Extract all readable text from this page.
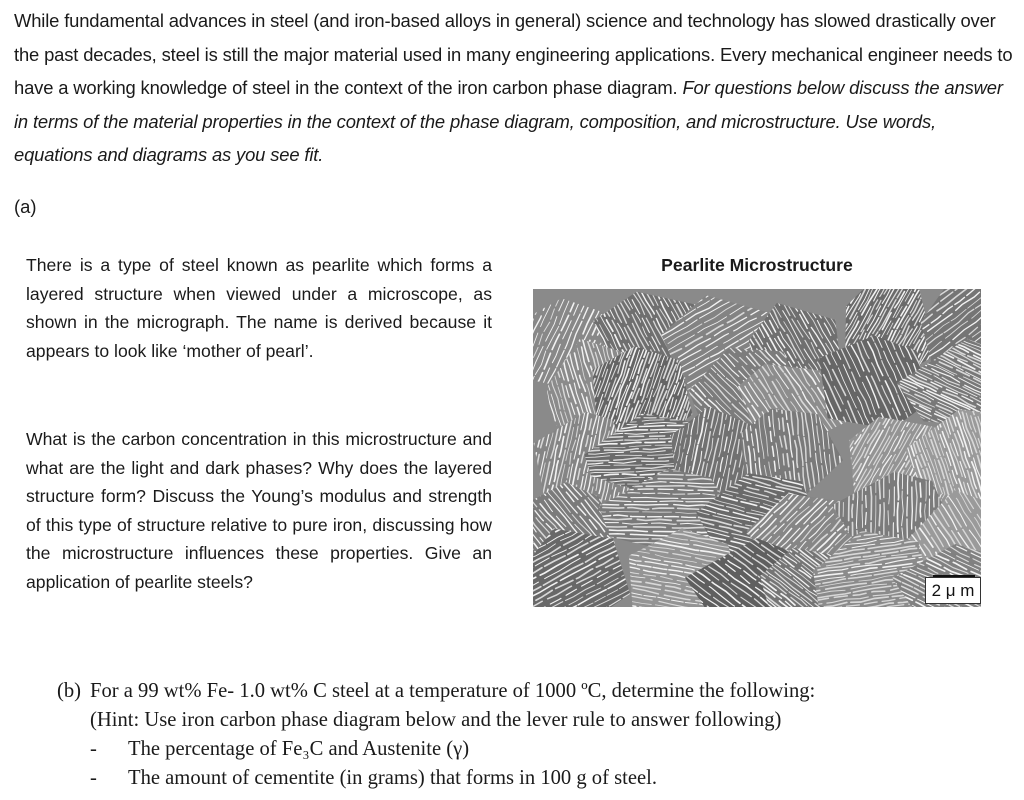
While fundamental advances in steel (and iron-based alloys in general) science and technology has slowed drastically over the past decades, steel is still the major material used in many engineering applications. Every mechanical engineer needs to have a working knowledge of steel in the context of the iron carbon phase diagram. For questions below discuss the answer in terms of the material properties in the context of the phase diagram, composition, and microstructure. Use words, equations and diagrams as you see fit.

(a)

There is a type of steel known as pearlite which forms a layered structure when viewed under a microscope, as shown in the micrograph. The name is derived because it appears to look like ‘mother of pearl’.

What is the carbon concentration in this microstructure and what are the light and dark phases? Why does the layered structure form? Discuss the Young’s modulus and strength of this type of structure relative to pure iron, discussing how the microstructure influences these properties. Give an application of pearlite steels?

Pearlite Microstructure

2 μ m
(b) For a 99 wt% Fe- 1.0 wt% C steel at a temperature of 1000 ºC, determine the following:
(Hint: Use iron carbon phase diagram below and the lever rule to answer following)
- The percentage of Fe₃C and Austenite (γ)
- The amount of cementite (in grams) that forms in 100 g of steel.
